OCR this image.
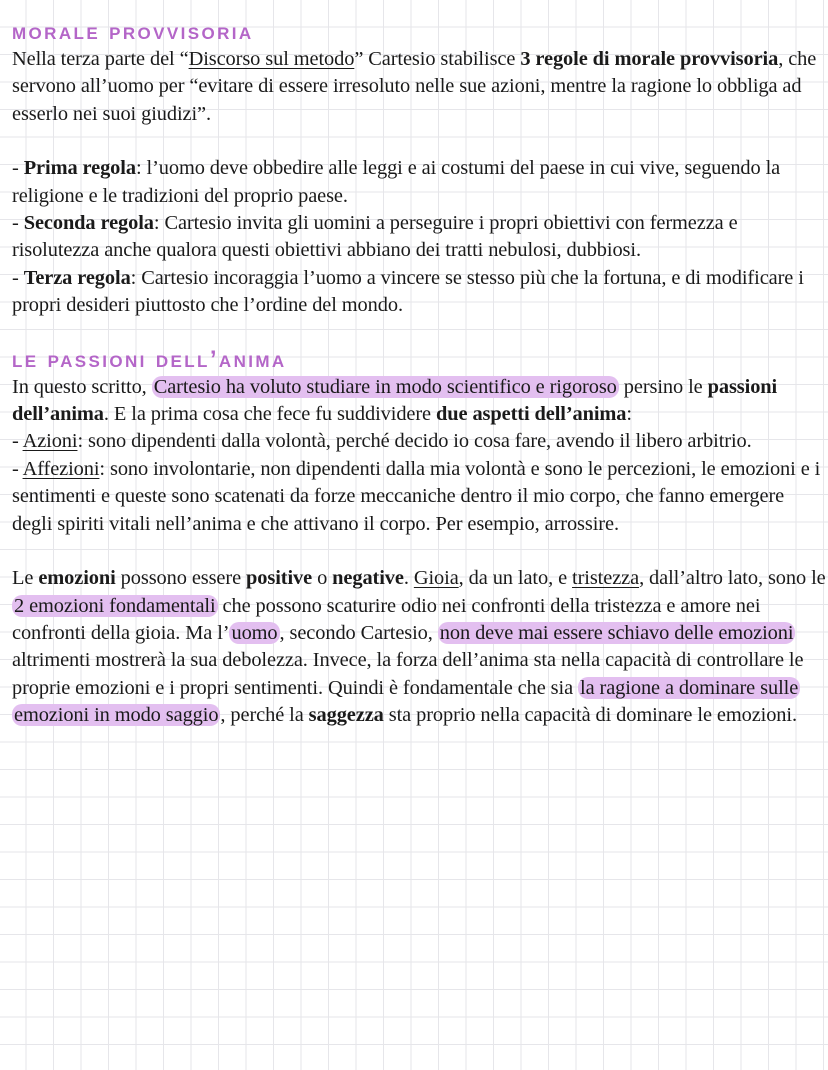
morale provvisoria

Nella terza parte del “Discorso sul metodo” Cartesio stabilisce 3 regole di morale provvisoria, che servono all’uomo per “evitare di essere irresoluto nelle sue azioni, mentre la ragione lo obbliga ad esserlo nei suoi giudizi”.

- Prima regola: l’uomo deve obbedire alle leggi e ai costumi del paese in cui vive, seguendo la religione e le tradizioni del proprio paese.
- Seconda regola: Cartesio invita gli uomini a perseguire i propri obiettivi con fermezza e risolutezza anche qualora questi obiettivi abbiano dei tratti nebulosi, dubbiosi.
- Terza regola: Cartesio incoraggia l’uomo a vincere se stesso più che la fortuna, e di modificare i propri desideri piuttosto che l’ordine del mondo.
le passioni dell’anima

In questo scritto, Cartesio ha voluto studiare in modo scientifico e rigoroso persino le passioni dell’anima. E la prima cosa che fece fu suddividere due aspetti dell’anima:

- Azioni: sono dipendenti dalla volontà, perché decido io cosa fare, avendo il libero arbitrio.
- Affezioni: sono involontarie, non dipendenti dalla mia volontà e sono le percezioni, le emozioni e i sentimenti e queste sono scatenati da forze meccaniche dentro il mio corpo, che fanno emergere degli spiriti vitali nell’anima e che attivano il corpo. Per esempio, arrossire.

Le emozioni possono essere positive o negative. Gioia, da un lato, e tristezza, dall’altro lato, sono le 2 emozioni fondamentali che possono scaturire odio nei confronti della tristezza e amore nei confronti della gioia. Ma l’uomo, secondo Cartesio, non deve mai essere schiavo delle emozioni altrimenti mostrerà la sua debolezza. Invece, la forza dell’anima sta nella capacità di controllare le proprie emozioni e i propri sentimenti. Quindi è fondamentale che sia la ragione a dominare sulle emozioni in modo saggio, perché la saggezza sta proprio nella capacità di dominare le emozioni.
